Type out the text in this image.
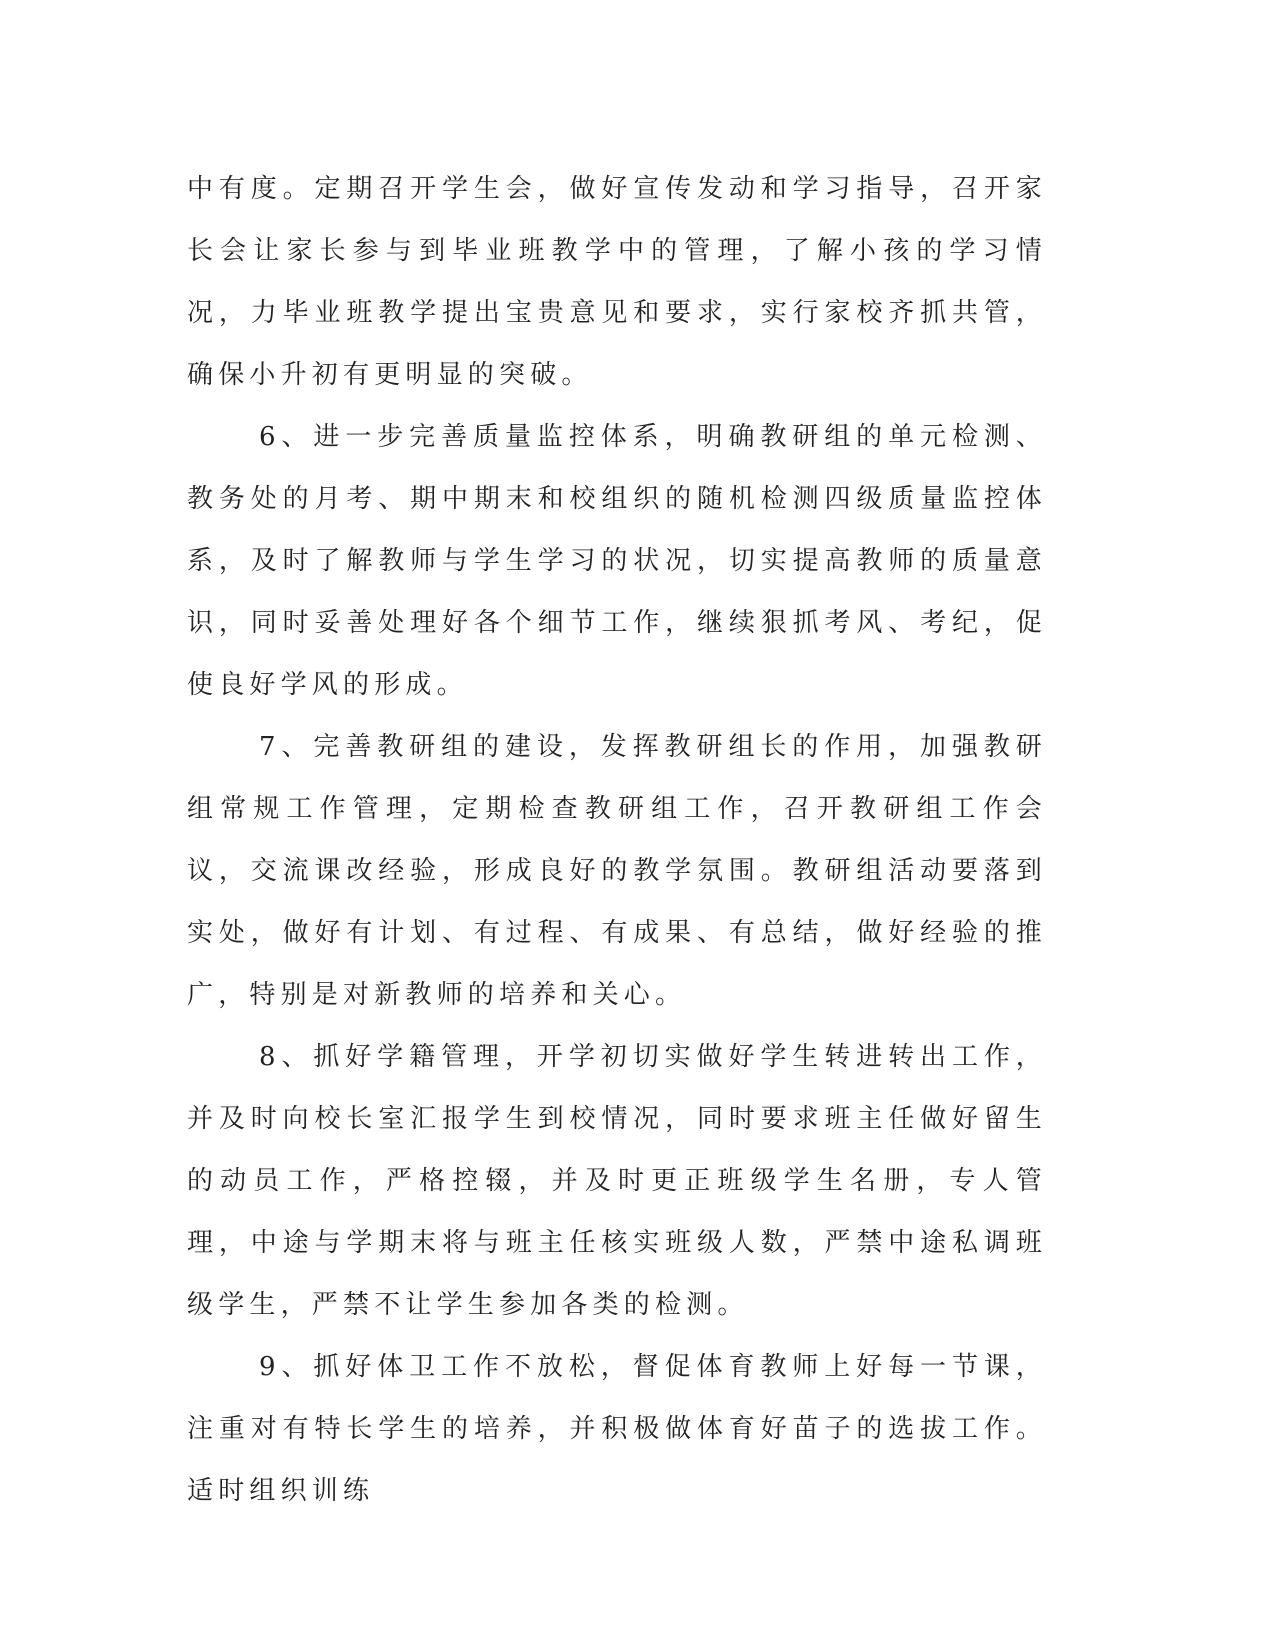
中有度。定期召开学生会，做好宣传发动和学习指导，召开家长会让家长参与到毕业班教学中的管理，了解小孩的学习情况，力毕业班教学提出宝贵意见和要求，实行家校齐抓共管，确保小升初有更明显的突破。

6、进一步完善质量监控体系，明确教研组的单元检测、教务处的月考、期中期末和校组织的随机检测四级质量监控体系，及时了解教师与学生学习的状况，切实提高教师的质量意识，同时妥善处理好各个细节工作，继续狠抓考风、考纪，促使良好学风的形成。

7、完善教研组的建设，发挥教研组长的作用，加强教研组常规工作管理，定期检查教研组工作，召开教研组工作会议，交流课改经验，形成良好的教学氛围。教研组活动要落到实处，做好有计划、有过程、有成果、有总结，做好经验的推广，特别是对新教师的培养和关心。

8、抓好学籍管理，开学初切实做好学生转进转出工作，并及时向校长室汇报学生到校情况，同时要求班主任做好留生的动员工作，严格控辍，并及时更正班级学生名册，专人管理，中途与学期末将与班主任核实班级人数，严禁中途私调班级学生，严禁不让学生参加各类的检测。

9、抓好体卫工作不放松，督促体育教师上好每一节课，注重对有特长学生的培养，并积极做体育好苗子的选拔工作。适时组织训练
